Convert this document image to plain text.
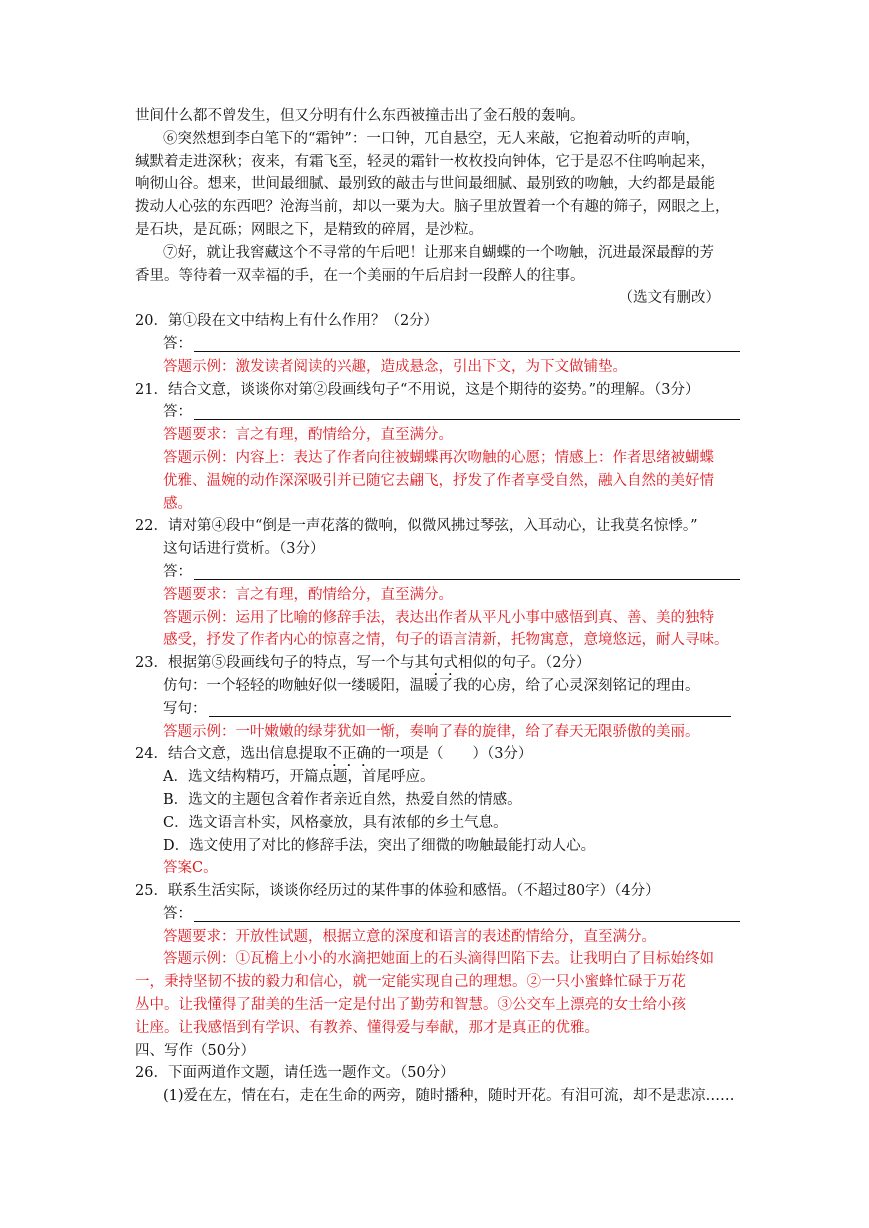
世间什么都不曾发生，但又分明有什么东西被撞击出了金石般的轰响。
⑥突然想到李白笔下的“霜钟”：一口钟，兀自悬空，无人来敲，它抱着动听的声响，
缄默着走进深秋；夜来，有霜飞至，轻灵的霜针一枚枚投向钟体，它于是忍不住呜响起来，
响彻山谷。想来，世间最细腻、最别致的敲击与世间最细腻、最别致的吻触，大约都是最能
拨动人心弦的东西吧？沧海当前，却以一粟为大。脑子里放置着一个有趣的筛子，网眼之上，
是石块，是瓦砾；网眼之下，是精致的碎屑，是沙粒。
⑦好，就让我窖藏这个不寻常的午后吧！让那来自蝴蝶的一个吻触，沉进最深最醇的芳
香里。等待着一双幸福的手，在一个美丽的午后启封一段醉人的往事。
（选文有删改）
20．第①段在文中结构上有什么作用？（2分）
答：
答题示例：激发读者阅读的兴趣，造成悬念，引出下文，为下文做铺垫。
21．结合文意，谈谈你对第②段画线句子“不用说，这是个期待的姿势。”的理解。（3分）
答：
答题要求：言之有理，酌情给分，直至满分。
答题示例：内容上：表达了作者向往被蝴蝶再次吻触的心愿；情感上：作者思绪被蝴蝶
优雅、温婉的动作深深吸引并已随它去翩飞，抒发了作者享受自然，融入自然的美好情
感。
22．请对第④段中“倒是一声花落的微响，似微风拂过琴弦，入耳动心，让我莫名惊悸。”
这句话进行赏析。（3分）
答：
答题要求：言之有理，酌情给分，直至满分。
答题示例：运用了比喻的修辞手法，表达出作者从平凡小事中感悟到真、善、美的独特
感受，抒发了作者内心的惊喜之情，句子的语言清新，托物寓意，意境悠远，耐人寻味。
23．根据第⑤段画线句子的特点，写一个与其句式相似的句子。（2分）
仿句：一个轻轻的吻触好似一缕暖阳，温暖了我的心房，给了心灵深刻铭记的理由。
写句：
答题示例：一叶嫩嫩的绿芽犹如一惭，奏响了春的旋律，给了春天无限骄傲的美丽。
24．结合文意，选出信息提取不正确的一项是（　　）（3分）
A．选文结构精巧，开篇点题，首尾呼应。
B．选文的主题包含着作者亲近自然，热爱自然的情感。
C．选文语言朴实，风格豪放，具有浓郁的乡土气息。
D．选文使用了对比的修辞手法，突出了细微的吻触最能打动人心。
答案C。
25．联系生活实际，谈谈你经历过的某件事的体验和感悟。（不超过80字）（4分）
答：
答题要求：开放性试题，根据立意的深度和语言的表述酌情给分，直至满分。
答题示例：①瓦檐上小小的水滴把她面上的石头滴得凹陷下去。让我明白了目标始终如
一，秉持坚韧不拔的毅力和信心，就一定能实现自己的理想。②一只小蜜蜂忙碌于万花
丛中。让我懂得了甜美的生活一定是付出了勤劳和智慧。③公交车上漂亮的女士给小孩
让座。让我感悟到有学识、有教养、懂得爱与奉献，那才是真正的优雅。
四、写作（50分）
26．下面两道作文题，请任选一题作文。（50分）
(1)爱在左，情在右，走在生命的两旁，随时播种，随时开花。有泪可流，却不是悲凉……
